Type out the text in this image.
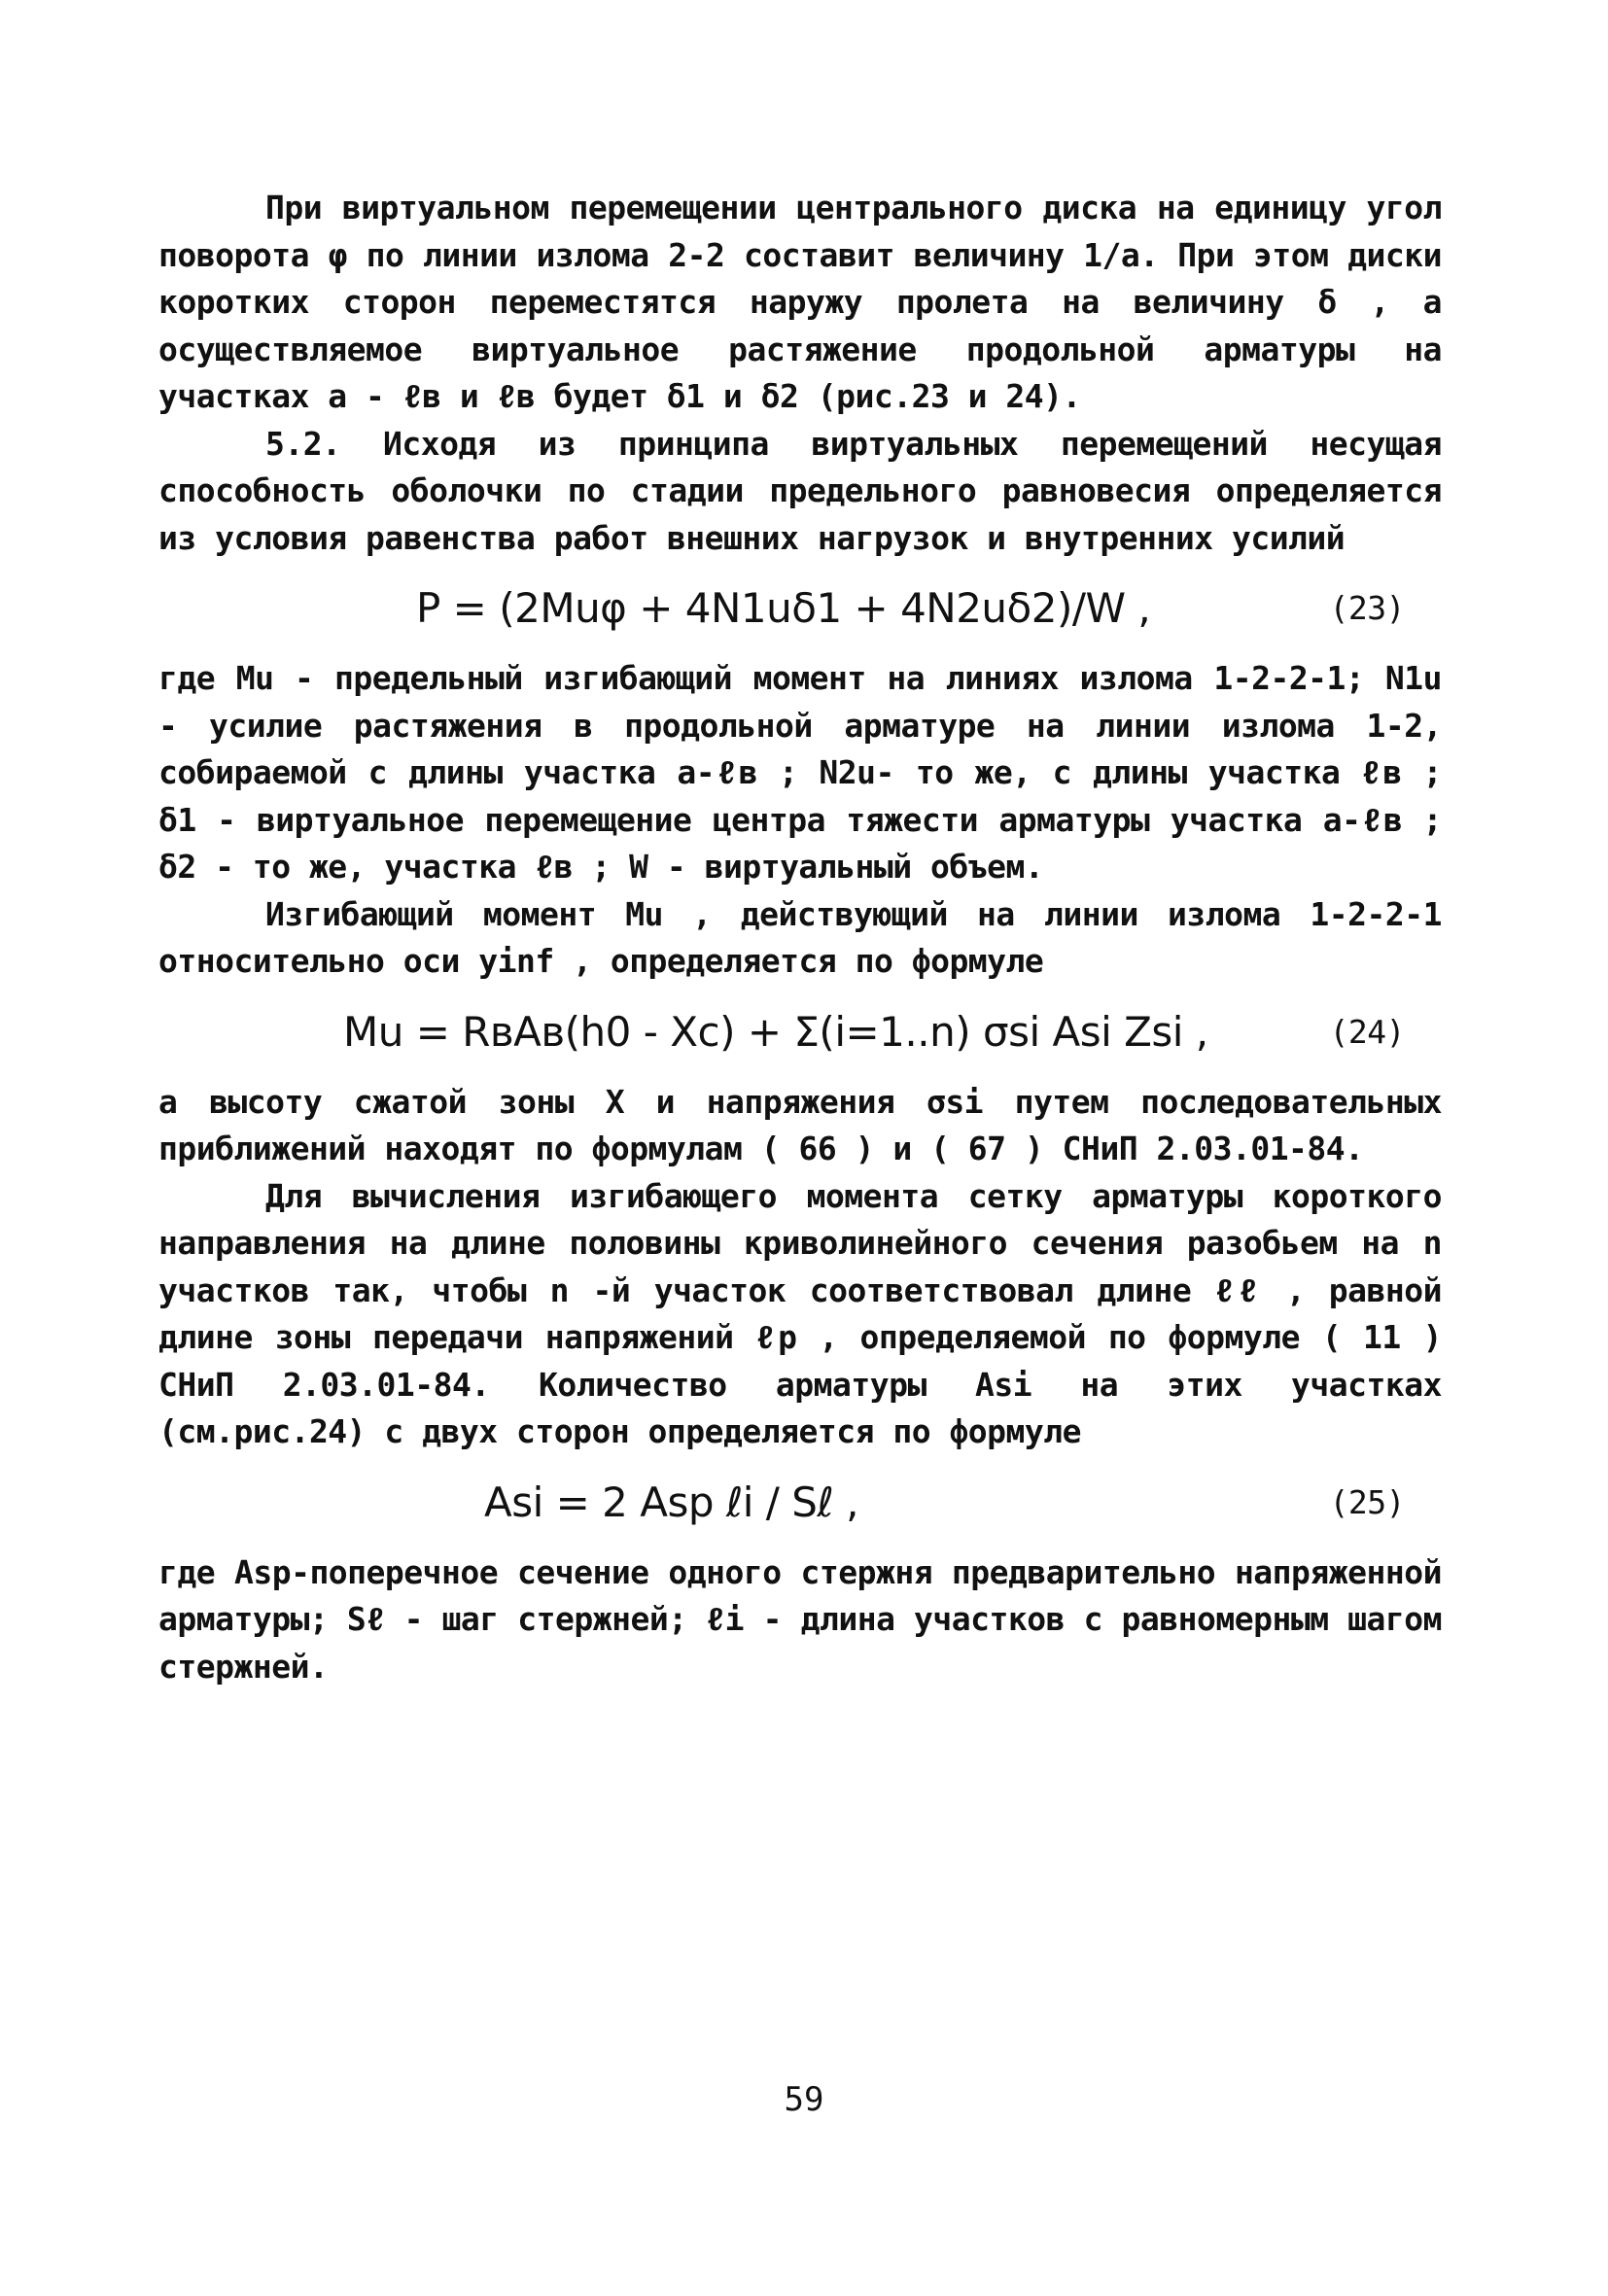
При виртуальном перемещении центрального диска на единицу угол поворота φ по линии излома 2-2 составит величину 1/а. При этом диски коротких сторон переместятся наружу пролета на величину δ , а осуществляемое виртуальное растяжение продольной арматуры на участках a - ℓв и ℓв будет δ1 и δ2 (рис.23 и 24).

5.2. Исходя из принципа виртуальных перемещений несущая способность оболочки по стадии предельного равновесия определяется из условия равенства работ внешних нагрузок и внутренних усилий

P = (2Muφ + 4N1uδ1 + 4N2uδ2)/W ,	(23)

где Mu - предельный изгибающий момент на линиях излома 1-2-2-1; N1u - усилие растяжения в продольной арматуре на линии излома 1-2, собираемой с длины участка a-ℓв ; N2u- то же, с длины участка ℓв ; δ1 - виртуальное перемещение центра тяжести арматуры участка a-ℓв ; δ2 - то же, участка ℓв ; W - виртуальный объем.

Изгибающий момент Mu , действующий на линии излома 1-2-2-1 относительно оси yinf , определяется по формуле

Mu = RвAв(h0 - Xc) + Σ(i=1..n) σsi Asi Zsi ,	(24)

а высоту сжатой зоны X и напряжения σsi путем последовательных приближений находят по формулам ( 66 ) и ( 67 ) СНиП 2.03.01-84.

Для вычисления изгибающего момента сетку арматуры короткого направления на длине половины криволинейного сечения разобьем на n участков так, чтобы n -й участок соответствовал длине ℓℓ , равной длине зоны передачи напряжений ℓp , определяемой по формуле ( 11 ) СНиП 2.03.01-84. Количество арматуры Asi на этих участках (см.рис.24) с двух сторон определяется по формуле

Asi = 2 Asp ℓi / Sℓ ,	(25)

где Asp-поперечное сечение одного стержня предварительно напряженной арматуры; Sℓ - шаг стержней; ℓi - длина участков с равномерным шагом стержней.

59
